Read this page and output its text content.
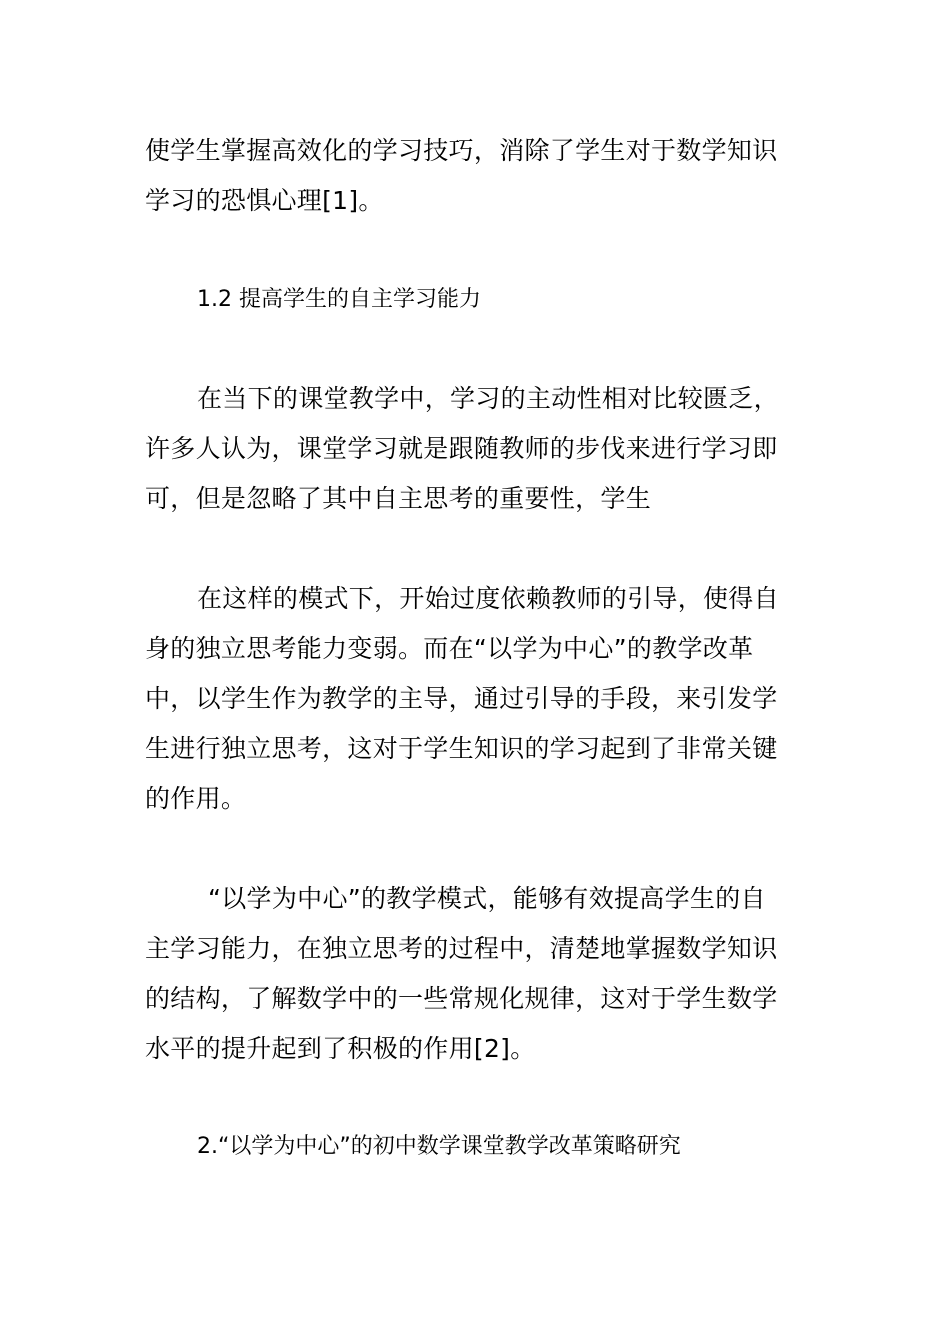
使学生掌握高效化的学习技巧，消除了学生对于数学知识
学习的恐惧心理[1]。
1.2 提高学生的自主学习能力
在当下的课堂教学中，学习的主动性相对比较匮乏，
许多人认为，课堂学习就是跟随教师的步伐来进行学习即
可，但是忽略了其中自主思考的重要性，学生
在这样的模式下，开始过度依赖教师的引导，使得自
身的独立思考能力变弱。而在“以学为中心”的教学改革
中，以学生作为教学的主导，通过引导的手段，来引发学
生进行独立思考，这对于学生知识的学习起到了非常关键
的作用。
“以学为中心”的教学模式，能够有效提高学生的自
主学习能力，在独立思考的过程中，清楚地掌握数学知识
的结构，了解数学中的一些常规化规律，这对于学生数学
水平的提升起到了积极的作用[2]。
2.“以学为中心”的初中数学课堂教学改革策略研究
